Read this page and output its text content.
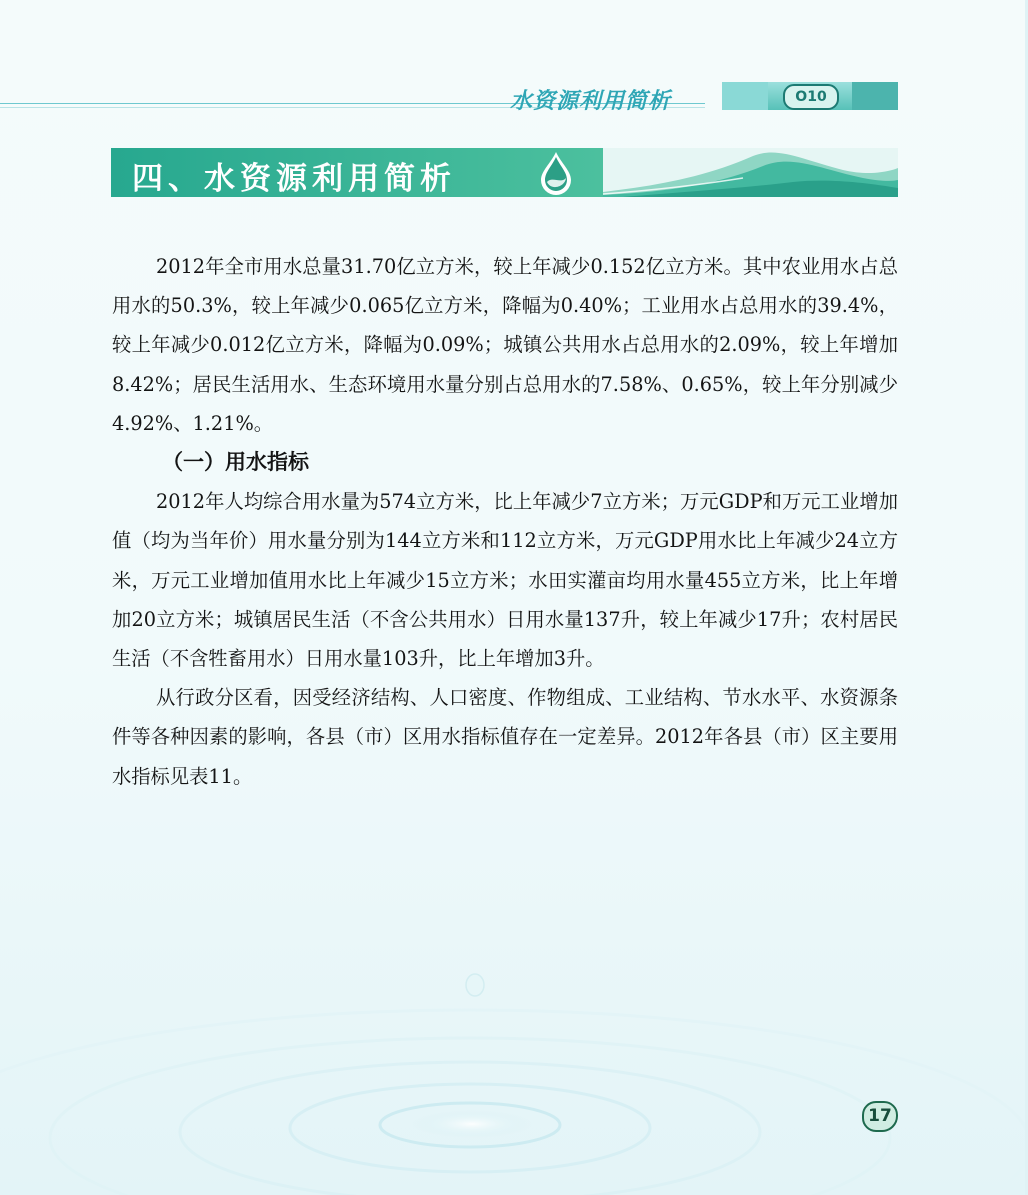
水资源利用简析	O10
四、水资源利用简析

2012年全市用水总量31.70亿立方米，较上年减少0.152亿立方米。其中农业用水占总用水的50.3%，较上年减少0.065亿立方米，降幅为0.40%；工业用水占总用水的39.4%，较上年减少0.012亿立方米，降幅为0.09%；城镇公共用水占总用水的2.09%，较上年增加8.42%；居民生活用水、生态环境用水量分别占总用水的7.58%、0.65%，较上年分别减少4.92%、1.21%。

（一）用水指标

2012年人均综合用水量为574立方米，比上年减少7立方米；万元GDP和万元工业增加值（均为当年价）用水量分别为144立方米和112立方米，万元GDP用水比上年减少24立方米，万元工业增加值用水比上年减少15立方米；水田实灌亩均用水量455立方米，比上年增加20立方米；城镇居民生活（不含公共用水）日用水量137升，较上年减少17升；农村居民生活（不含牲畜用水）日用水量103升，比上年增加3升。

从行政分区看，因受经济结构、人口密度、作物组成、工业结构、节水水平、水资源条件等各种因素的影响，各县（市）区用水指标值存在一定差异。2012年各县（市）区主要用水指标见表11。

17
